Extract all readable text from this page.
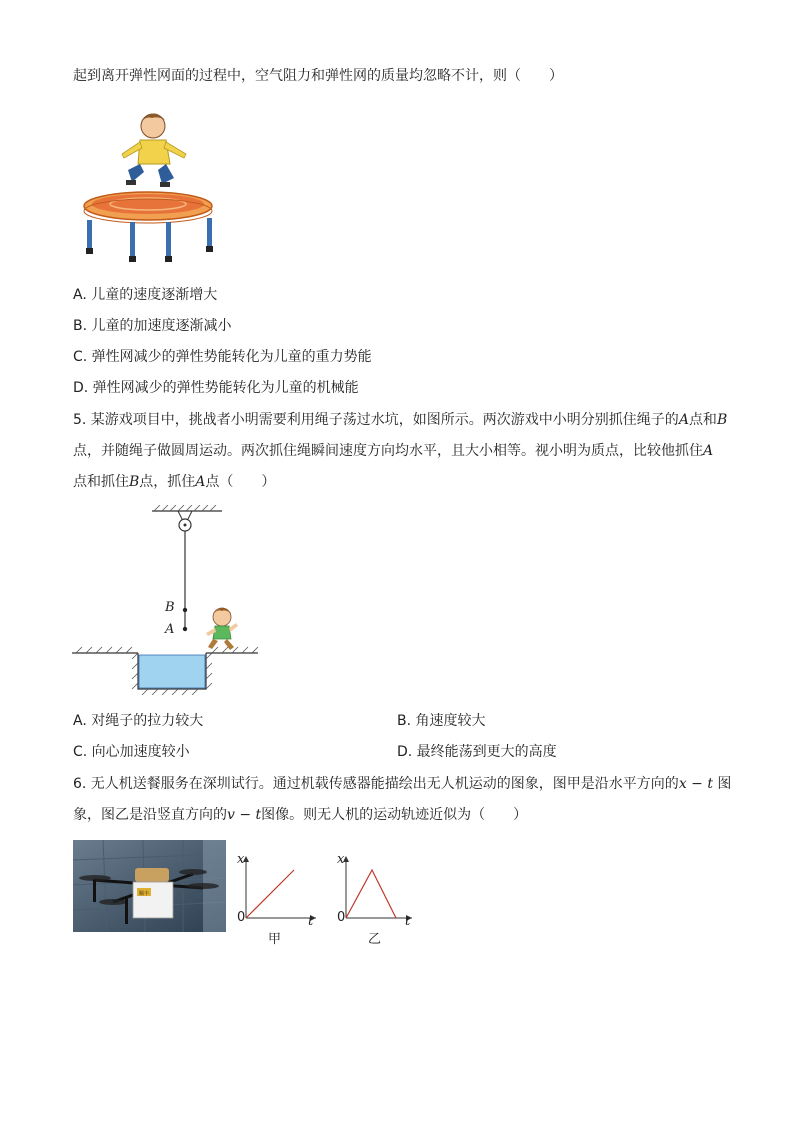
起到离开弹性网面的过程中，空气阻力和弹性网的质量均忽略不计，则（　　）
A. 儿童的速度逐渐增大
B. 儿童的加速度逐渐减小
C. 弹性网减少的弹性势能转化为儿童的重力势能
D. 弹性网减少的弹性势能转化为儿童的机械能
5. 某游戏项目中，挑战者小明需要利用绳子荡过水坑，如图所示。两次游戏中小明分别抓住绳子的A点和B
点，并随绳子做圆周运动。两次抓住绳瞬间速度方向均水平，且大小相等。视小明为质点，比较他抓住A
点和抓住B点，抓住A点（　　）
B
A
A. 对绳子的拉力较大	B. 角速度较大
C. 向心加速度较小	D. 最终能荡到更大的高度
6. 无人机送餐服务在深圳试行。通过机载传感器能描绘出无人机运动的图象，图甲是沿水平方向的x − t 图
象，图乙是沿竖直方向的v − t图像。则无人机的运动轨迹近似为（　　）
顺丰
x
t
0
甲
x
t
0
乙
